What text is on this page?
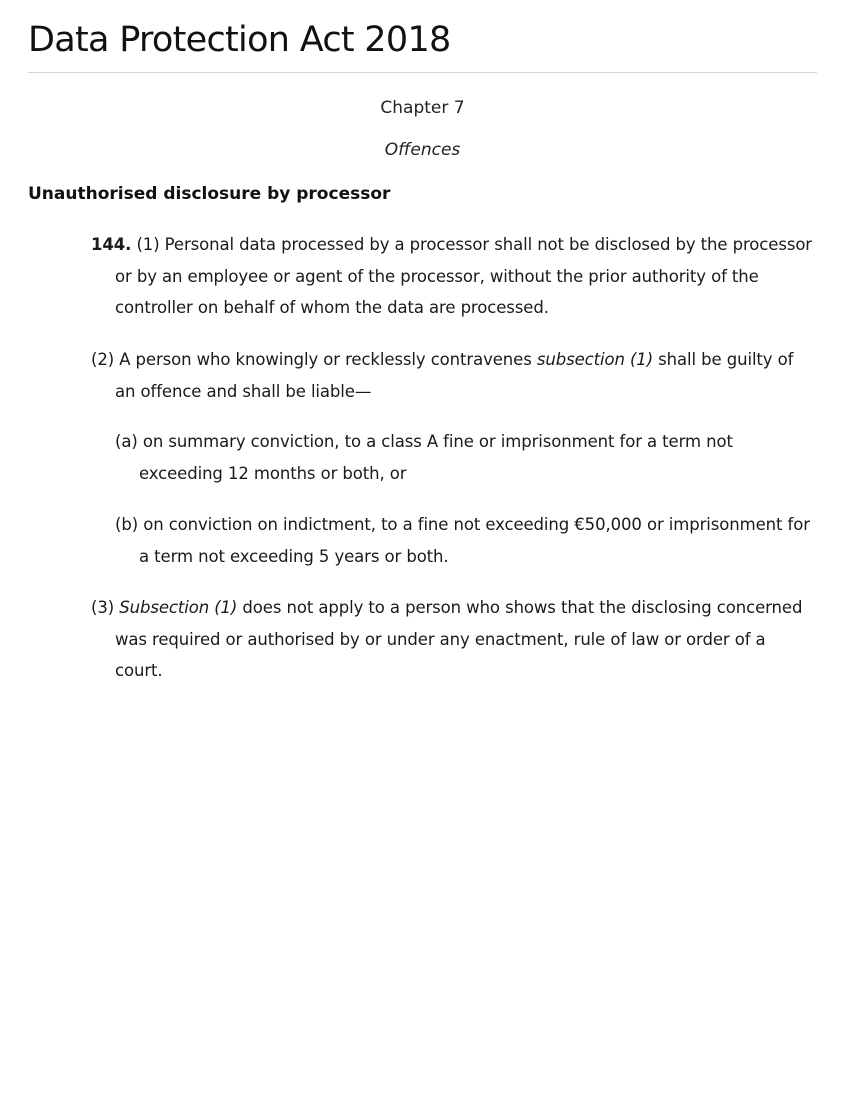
Data Protection Act 2018
Chapter 7
Offences
Unauthorised disclosure by processor

144. (1) Personal data processed by a processor shall not be disclosed by the processor or by an employee or agent of the processor, without the prior authority of the controller on behalf of whom the data are processed.

(2) A person who knowingly or recklessly contravenes subsection (1) shall be guilty of an offence and shall be liable—

(a) on summary conviction, to a class A fine or imprisonment for a term not exceeding 12 months or both, or

(b) on conviction on indictment, to a fine not exceeding €50,000 or imprisonment for a term not exceeding 5 years or both.

(3) Subsection (1) does not apply to a person who shows that the disclosing concerned was required or authorised by or under any enactment, rule of law or order of a court.
